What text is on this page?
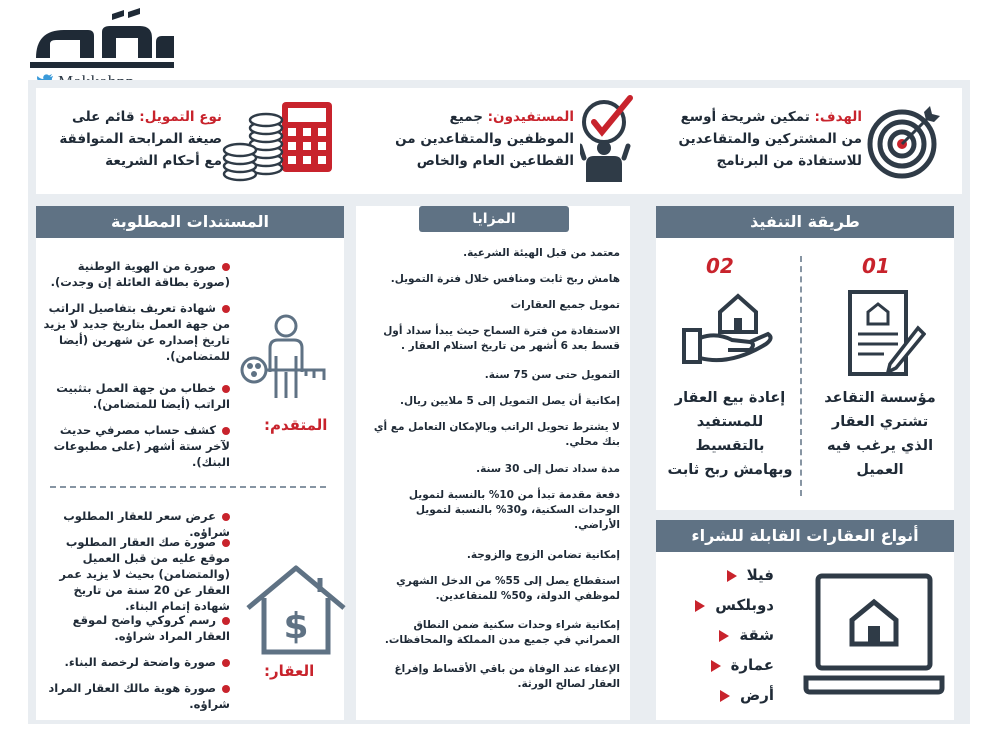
الهدف: تمكين شريحة أوسع من المشتركين والمتقاعدين للاستفادة من البرنامج
المستفيدون: جميع الموظفين والمتقاعدين من القطاعين العام والخاص
نوع التمويل: قائم على صيغة المرابحة المتوافقة مع أحكام الشريعة
طريقة التنفيذ
01
02
مؤسسة التقاعد تشتري العقار الذي يرغب فيه العميل
إعادة بيع العقار للمستفيد بالتقسيط وبهامش ربح ثابت
أنواع العقارات القابلة للشراء
فيلا
دوبلكس
شقة
عمارة
أرض
المزايا
معتمد من قبل الهيئة الشرعية.
هامش ربح ثابت ومنافس خلال فترة التمويل.
تمويل جميع العقارات
الاستفادة من فترة السماح حيث يبدأ سداد أول قسط بعد 6 أشهر من تاريخ استلام العقار .
التمويل حتى سن 75 سنة.
إمكانية أن يصل التمويل إلى 5 ملايين ريال.
لا يشترط تحويل الراتب وبالإمكان التعامل مع أي بنك محلي.
مدة سداد تصل إلى 30 سنة.
دفعة مقدمة تبدأ من 10% بالنسبة لتمويل الوحدات السكنية، و30% بالنسبة لتمويل الأراضي.
إمكانية تضامن الزوج والزوجة.
استقطاع يصل إلى 55% من الدخل الشهري لموظفي الدولة، و50% للمتقاعدين.
إمكانية شراء وحدات سكنية ضمن النطاق العمراني في جميع مدن المملكة والمحافظات.
الإعفاء عند الوفاة من باقي الأقساط وإفراغ العقار لصالح الورثة.
المستندات المطلوبة
المتقدم:
صورة من الهوية الوطنية (صورة بطاقة العائلة إن وجدت).
شهادة تعريف بتفاصيل الراتب من جهة العمل بتاريخ جديد لا يزيد تاريخ إصداره عن شهرين (أيضا للمتضامن).
خطاب من جهة العمل بتثبيت الراتب (أيضا للمتضامن).
كشف حساب مصرفي حديث لآخر ستة أشهر (على مطبوعات البنك).
$
العقار:
عرض سعر للعقار المطلوب شراؤه.
صورة صك العقار المطلوب موقع عليه من قبل العميل (والمتضامن) بحيث لا يزيد عمر العقار عن 20 سنة من تاريخ شهادة إتمام البناء.
رسم كروكي واضح لموقع العقار المراد شراؤه.
صورة واضحة لرخصة البناء.
صورة هوية مالك العقار المراد شراؤه.
